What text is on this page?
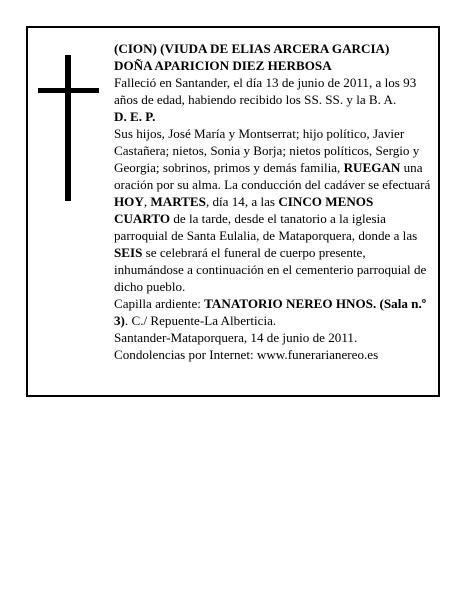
(CION) (VIUDA DE ELIAS ARCERA GARCIA)

DOÑA APARICION DIEZ HERBOSA

Falleció en Santander, el día 13 de junio de 2011, a los 93 años de edad, habiendo recibido los SS. SS. y la B. A.

D. E. P.

Sus hijos, José María y Montserrat; hijo político, Javier Castañera; nietos, Sonia y Borja; nietos políticos, Sergio y Georgia; sobrinos, primos y demás familia, RUEGAN una oración por su alma. La conducción del cadáver se efectuará HOY, MARTES, día 14, a las CINCO MENOS CUARTO de la tarde, desde el tanatorio a la iglesia parroquial de Santa Eulalia, de Mataporquera, donde a las SEIS se celebrará el funeral de cuerpo presente, inhumándose a continuación en el cementerio parroquial de dicho pueblo.

Capilla ardiente: TANATORIO NEREO HNOS. (Sala n.º 3). C./ Repuente-La Alberticia.

Santander-Mataporquera, 14 de junio de 2011.

Condolencias por Internet: www.funerarianereo.es
